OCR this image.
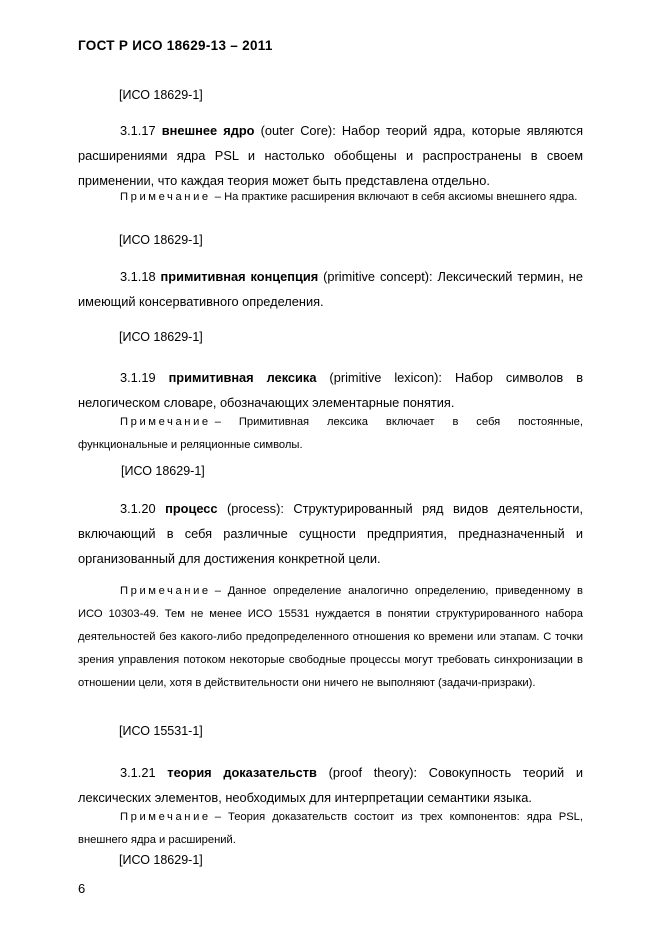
ГОСТ Р ИСО 18629-13 – 2011
[ИСО 18629-1]

3.1.17 внешнее ядро (outer Core): Набор теорий ядра, которые являются расширениями ядра PSL и настолько обобщены и распространены в своем применении, что каждая теория может быть представлена отдельно.

Примечание – На практике расширения включают в себя аксиомы внешнего ядра.

[ИСО 18629-1]

3.1.18 примитивная концепция (primitive concept): Лексический термин, не имеющий консервативного определения.

[ИСО 18629-1]

3.1.19 примитивная лексика (primitive lexicon): Набор символов в нелогическом словаре, обозначающих элементарные понятия.

Примечание – Примитивная лексика включает в себя постоянные, функциональные и реляционные символы.

[ИСО 18629-1]

3.1.20 процесс (process): Структурированный ряд видов деятельности, включающий в себя различные сущности предприятия, предназначенный и организованный для достижения конкретной цели.

Примечание – Данное определение аналогично определению, приведенному в ИСО 10303-49. Тем не менее ИСО 15531 нуждается в понятии структурированного набора деятельностей без какого-либо предопределенного отношения ко времени или этапам. С точки зрения управления потоком некоторые свободные процессы могут требовать синхронизации в отношении цели, хотя в действительности они ничего не выполняют (задачи-призраки).

[ИСО 15531-1]

3.1.21 теория доказательств (proof theory): Совокупность теорий и лексических элементов, необходимых для интерпретации семантики языка.

Примечание – Теория доказательств состоит из трех компонентов: ядра PSL, внешнего ядра и расширений.

[ИСО 18629-1]
6
